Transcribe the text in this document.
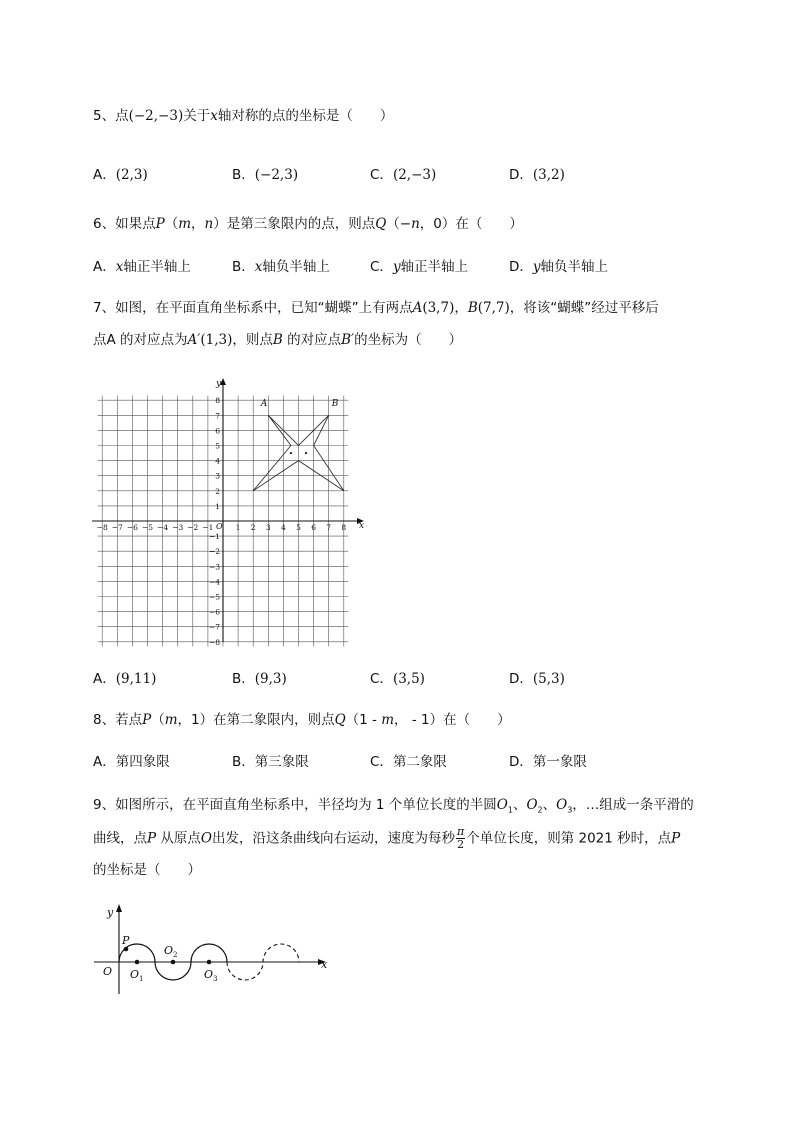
5、点(−2,−3)关于x轴对称的点的坐标是（　　）
A．(2,3)	B．(−2,3)	C．(2,−3)	D．(3,2)
6、如果点P（m，n）是第三象限内的点，则点Q（−n，0）在（　　）
A．x轴正半轴上	B．x轴负半轴上	C．y轴正半轴上	D．y轴负半轴上
7、如图，在平面直角坐标系中，已知“蝴蝶”上有两点A(3,7)，B(7,7)，将该“蝴蝶”经过平移后
点A 的对应点为A′(1,3)，则点B 的对应点B′的坐标为（　　）
x
y
O
−8 −7 −6 −5 −4 −3 −2 −1	1 2 3 4 5 6 7 8
8
7
6
5
4
3
2
1
−1
−2
−3
−4
−5
−6
−7
−8
A	B
A．(9,11)	B．(9,3)	C．(3,5)	D．(5,3)
8、若点P（m，1）在第二象限内，则点Q（1 - m， - 1）在（　　）
A．第四象限	B．第三象限	C．第二象限	D．第一象限
9、如图所示，在平面直角坐标系中，半径均为 1 个单位长度的半圆$O_1$、$O_2$、$O_3$，…组成一条平滑的
曲线，点P 从原点O出发，沿这条曲线向右运动，速度为每秒 $\frac{\pi}{2}$ 个单位长度，则第 2021 秒时，点P
的坐标是（　　）
y
x
O
P
$O_1$
$O_2$
$O_3$
